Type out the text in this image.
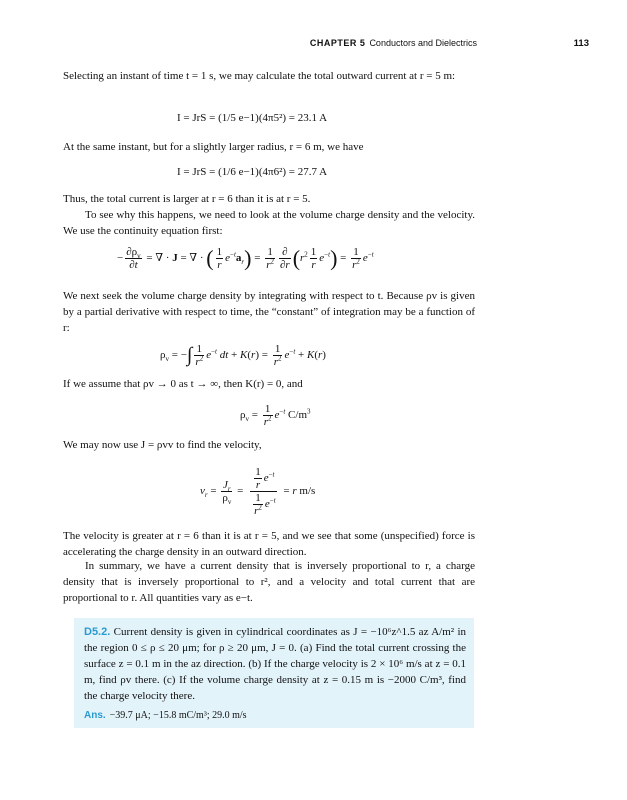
CHAPTER 5 Conductors and Dielectrics	113
Selecting an instant of time t = 1 s, we may calculate the total outward current at r = 5 m:
I = JrS = (1/5 e−1)(4π5²) = 23.1 A
At the same instant, but for a slightly larger radius, r = 6 m, we have
I = JrS = (1/6 e−1)(4π6²) = 27.7 A
Thus, the total current is larger at r = 6 than it is at r = 5.
To see why this happens, we need to look at the volume charge density and the velocity. We use the continuity equation first:
− $\frac{\partial\rho_v}{\partial t}$ = ∇ · J = ∇ · ( $\frac{1}{r} e^{-t}a_r) = \frac{1}{r^2} \frac{\partial}{\partial r} (r^2 \frac{1}{r} e^{-t}) = \frac{1}{r^2} e^{-t}$
We next seek the volume charge density by integrating with respect to t. Because ρv is given by a partial derivative with respect to time, the “constant” of integration may be a function of r:
$\rho_v$ = −∫ $\frac{1}{r^2} e^{-t}$ dt + $K(r) = \frac{1}{r^2} e^{-t} + K(r)$
If we assume that ρv → 0 as t → ∞, then K(r) = 0, and
$\rho_v = \frac{1}{r^2} e^{-t}$ $C/m^3$
We may now use J = ρvv to find the velocity,
$v_r = \frac{J_r}{\rho_v} = \frac{\frac{1}{r} e^{-t}}{\frac{1}{r^2} e^{-t}} = r$ m/s
The velocity is greater at r = 6 than it is at r = 5, and we see that some (unspecified) force is accelerating the charge density in an outward direction.
In summary, we have a current density that is inversely proportional to r, a charge density that is inversely proportional to r², and a velocity and total current that are proportional to r. All quantities vary as e−t.
D5.2. Current density is given in cylindrical coordinates as J = −10⁶z^1.5 az A/m² in the region 0 ≤ ρ ≤ 20 μm; for ρ ≥ 20 μm, J = 0. (a) Find the total current crossing the surface z = 0.1 m in the az direction. (b) If the charge velocity is 2 × 10⁶ m/s at z = 0.1 m, find ρv there. (c) If the volume charge density at z = 0.15 m is −2000 C/m³, find the charge velocity there.
Ans. −39.7 μA; −15.8 mC/m³; 29.0 m/s
